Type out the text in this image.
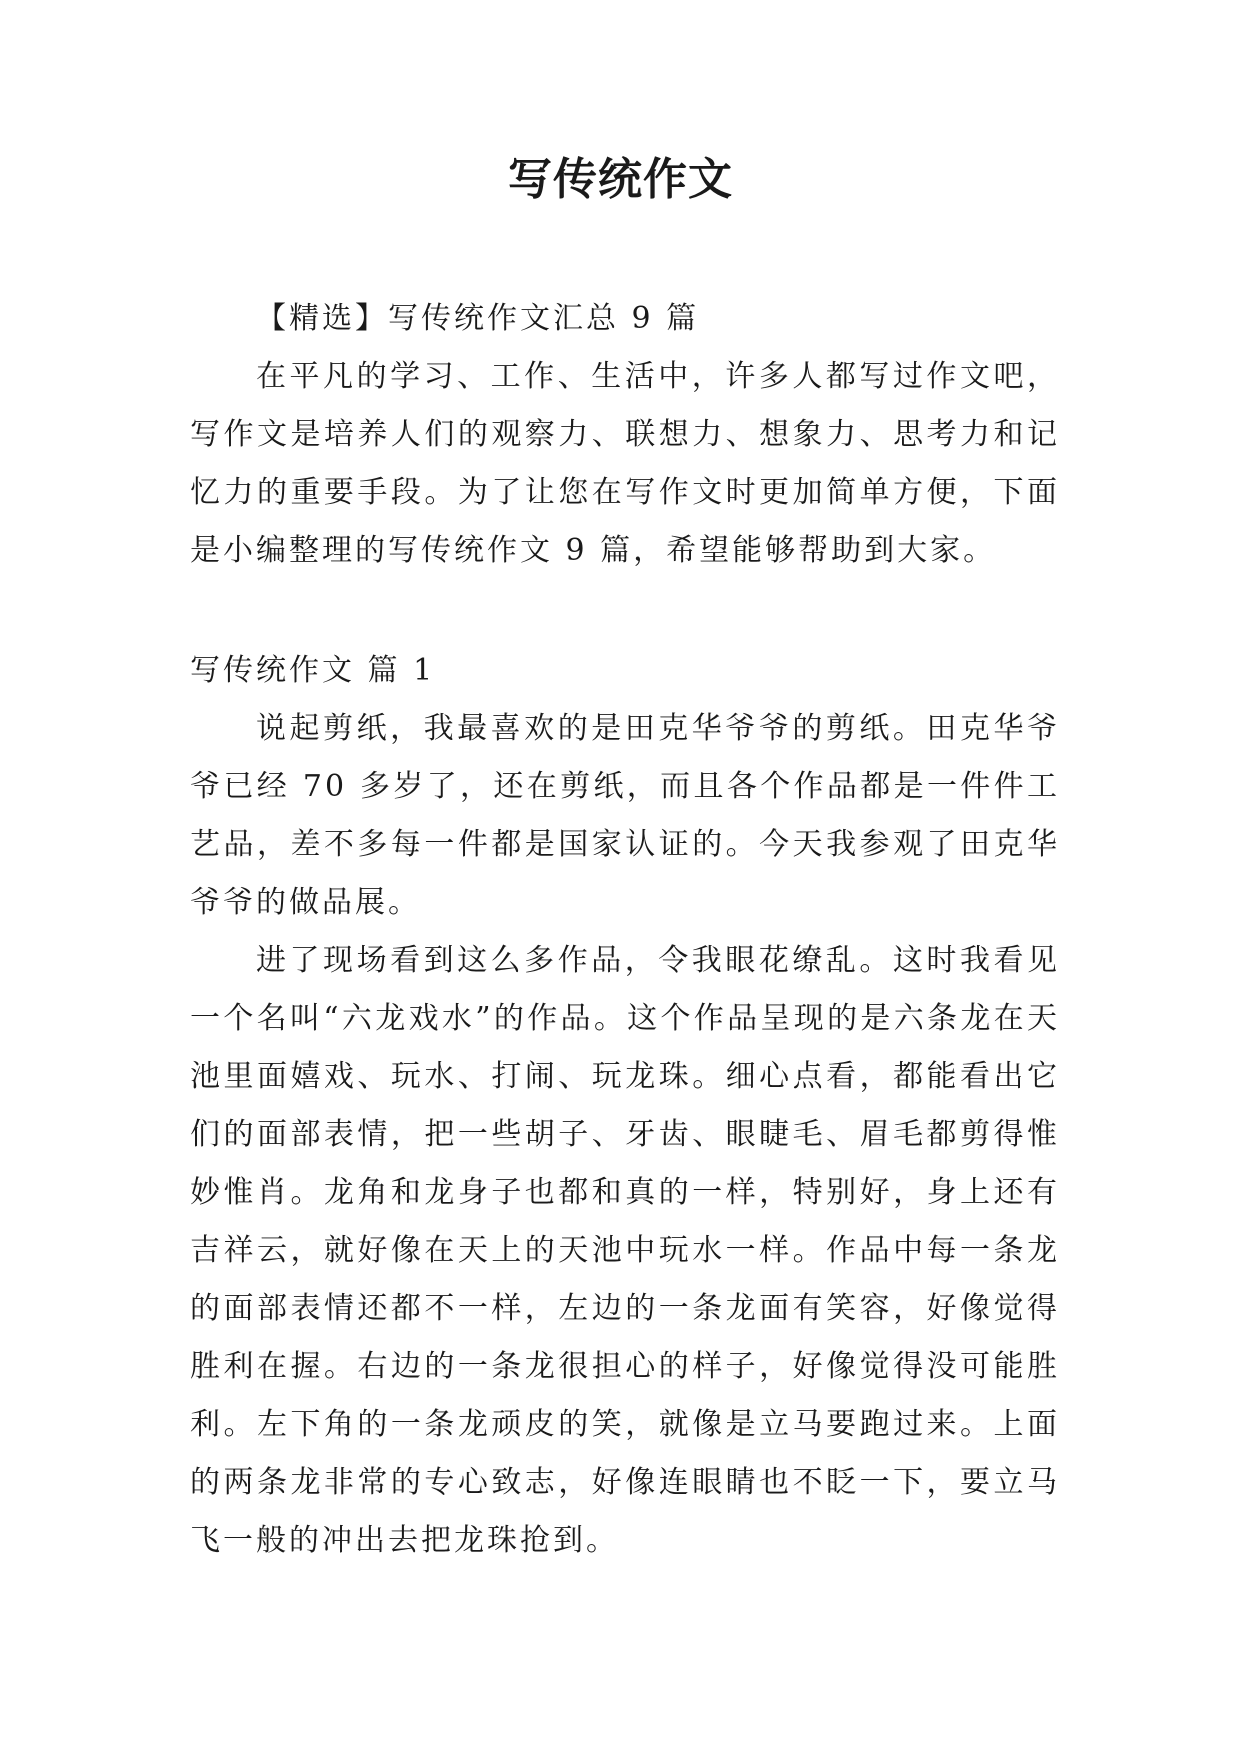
写传统作文
【精选】写传统作文汇总 9 篇

在平凡的学习、工作、生活中，许多人都写过作文吧，写作文是培养人们的观察力、联想力、想象力、思考力和记忆力的重要手段。为了让您在写作文时更加简单方便，下面是小编整理的写传统作文 9 篇，希望能够帮助到大家。

写传统作文 篇 1

说起剪纸，我最喜欢的是田克华爷爷的剪纸。田克华爷爷已经 70 多岁了，还在剪纸，而且各个作品都是一件件工艺品，差不多每一件都是国家认证的。今天我参观了田克华爷爷的做品展。

进了现场看到这么多作品，令我眼花缭乱。这时我看见一个名叫“六龙戏水”的作品。这个作品呈现的是六条龙在天池里面嬉戏、玩水、打闹、玩龙珠。细心点看，都能看出它们的面部表情，把一些胡子、牙齿、眼睫毛、眉毛都剪得惟妙惟肖。龙角和龙身子也都和真的一样，特别好，身上还有吉祥云，就好像在天上的天池中玩水一样。作品中每一条龙的面部表情还都不一样，左边的一条龙面有笑容，好像觉得胜利在握。右边的一条龙很担心的样子，好像觉得没可能胜利。左下角的一条龙顽皮的笑，就像是立马要跑过来。上面的两条龙非常的专心致志，好像连眼睛也不眨一下，要立马飞一般的冲出去把龙珠抢到。
